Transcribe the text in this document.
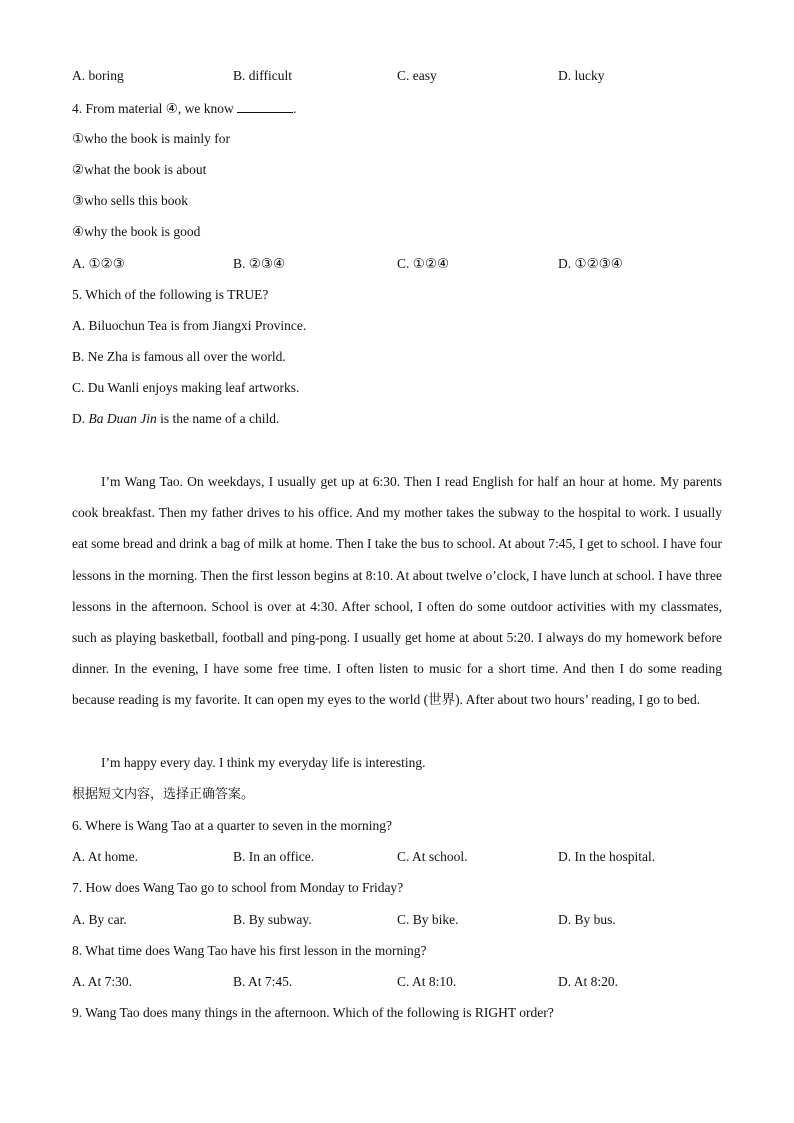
A. boring	B. difficult	C. easy	D. lucky
4. From material ④, we know	.
①who the book is mainly for
②what the book is about
③who sells this book
④why the book is good
A. ①②③	B. ②③④	C. ①②④	D. ①②③④
5. Which of the following is TRUE?
A. Biluochun Tea is from Jiangxi Province.
B. Ne Zha is famous all over the world.
C. Du Wanli enjoys making leaf artworks.
D. Ba Duan Jin is the name of a child.
I’m Wang Tao. On weekdays, I usually get up at 6:30. Then I read English for half an hour at home. My parents cook breakfast. Then my father drives to his office. And my mother takes the subway to the hospital to work. I usually eat some bread and drink a bag of milk at home. Then I take the bus to school. At about 7:45, I get to school. I have four lessons in the morning. Then the first lesson begins at 8:10. At about twelve o’clock, I have lunch at school. I have three lessons in the afternoon. School is over at 4:30. After school, I often do some outdoor activities with my classmates, such as playing basketball, football and ping-pong. I usually get home at about 5:20. I always do my homework before dinner. In the evening, I have some free time. I often listen to music for a short time. And then I do some reading because reading is my favorite. It can open my eyes to the world (世界). After about two hours’ reading, I go to bed.
I’m happy every day. I think my everyday life is interesting.
根据短文内容，选择正确答案。
6. Where is Wang Tao at a quarter to seven in the morning?
A. At home.	B. In an office.	C. At school.	D. In the hospital.
7. How does Wang Tao go to school from Monday to Friday?
A. By car.	B. By subway.	C. By bike.	D. By bus.
8. What time does Wang Tao have his first lesson in the morning?
A. At 7:30.	B. At 7:45.	C. At 8:10.	D. At 8:20.
9. Wang Tao does many things in the afternoon. Which of the following is RIGHT order?
